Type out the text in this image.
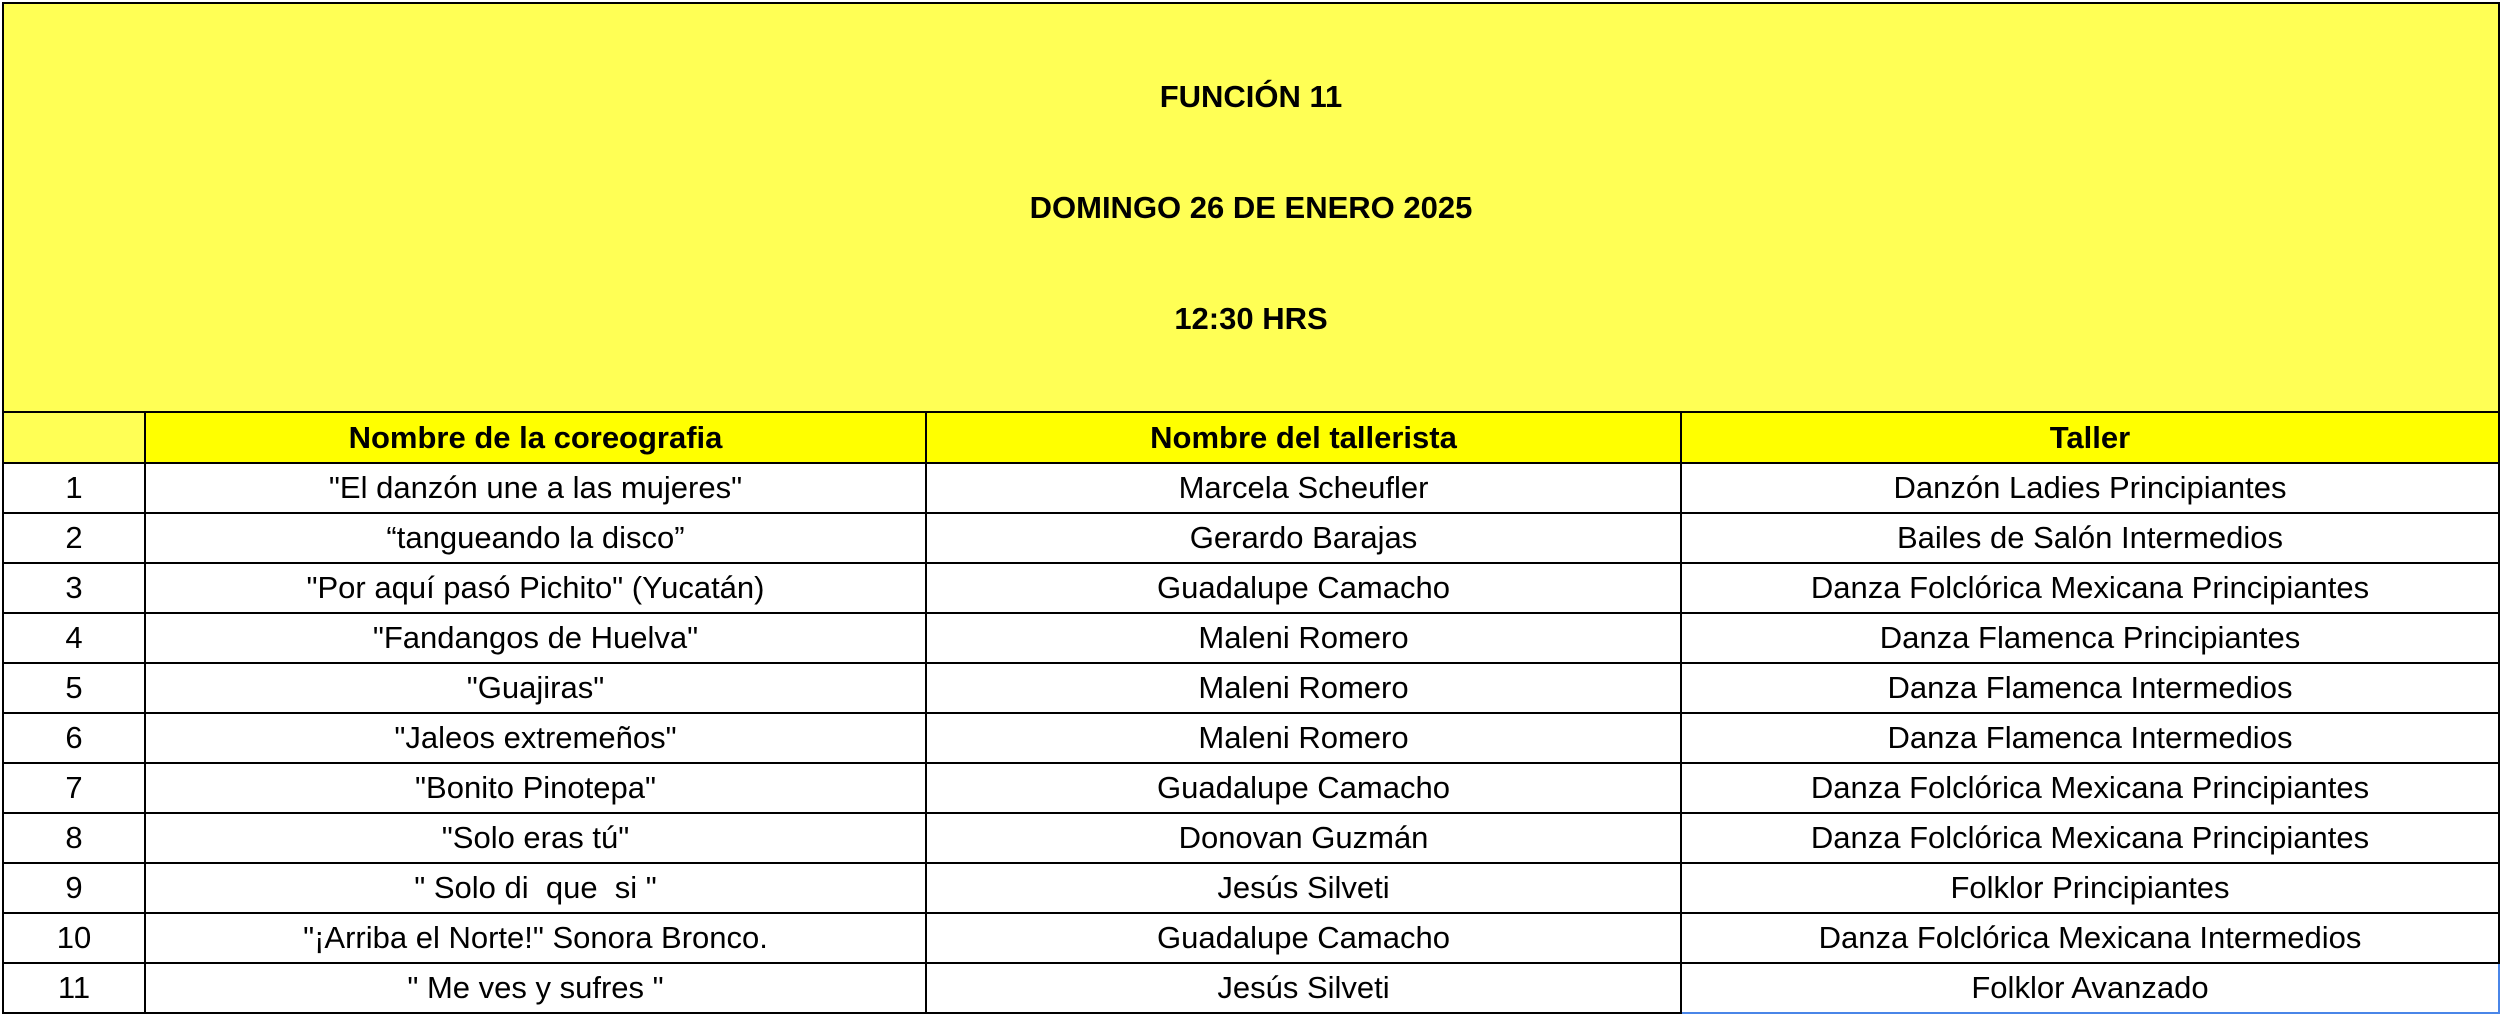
FUNCIÓN 11

DOMINGO 26 DE ENERO 2025

12:30 HRS			

	Nombre de la coreografia	Nombre del tallerista	Taller
1	"El danzón une a las mujeres"	Marcela Scheufler	Danzón Ladies Principiantes
2	“tangueando la disco”	Gerardo Barajas	Bailes de Salón Intermedios
3	"Por aquí pasó Pichito" (Yucatán)	Guadalupe Camacho	Danza Folclórica Mexicana Principiantes
4	"Fandangos de Huelva"	Maleni Romero	Danza Flamenca Principiantes
5	"Guajiras"	Maleni Romero	Danza Flamenca Intermedios
6	"Jaleos extremeños"	Maleni Romero	Danza Flamenca Intermedios
7	"Bonito Pinotepa"	Guadalupe Camacho	Danza Folclórica Mexicana Principiantes
8	"Solo eras tú"	Donovan Guzmán	Danza Folclórica Mexicana Principiantes
9	" Solo di  que  si "	Jesús Silveti	Folklor Principiantes
10	"¡Arriba el Norte!" Sonora Bronco.	Guadalupe Camacho	Danza Folclórica Mexicana Intermedios
11	" Me ves y sufres "	Jesús Silveti	Folklor Avanzado
